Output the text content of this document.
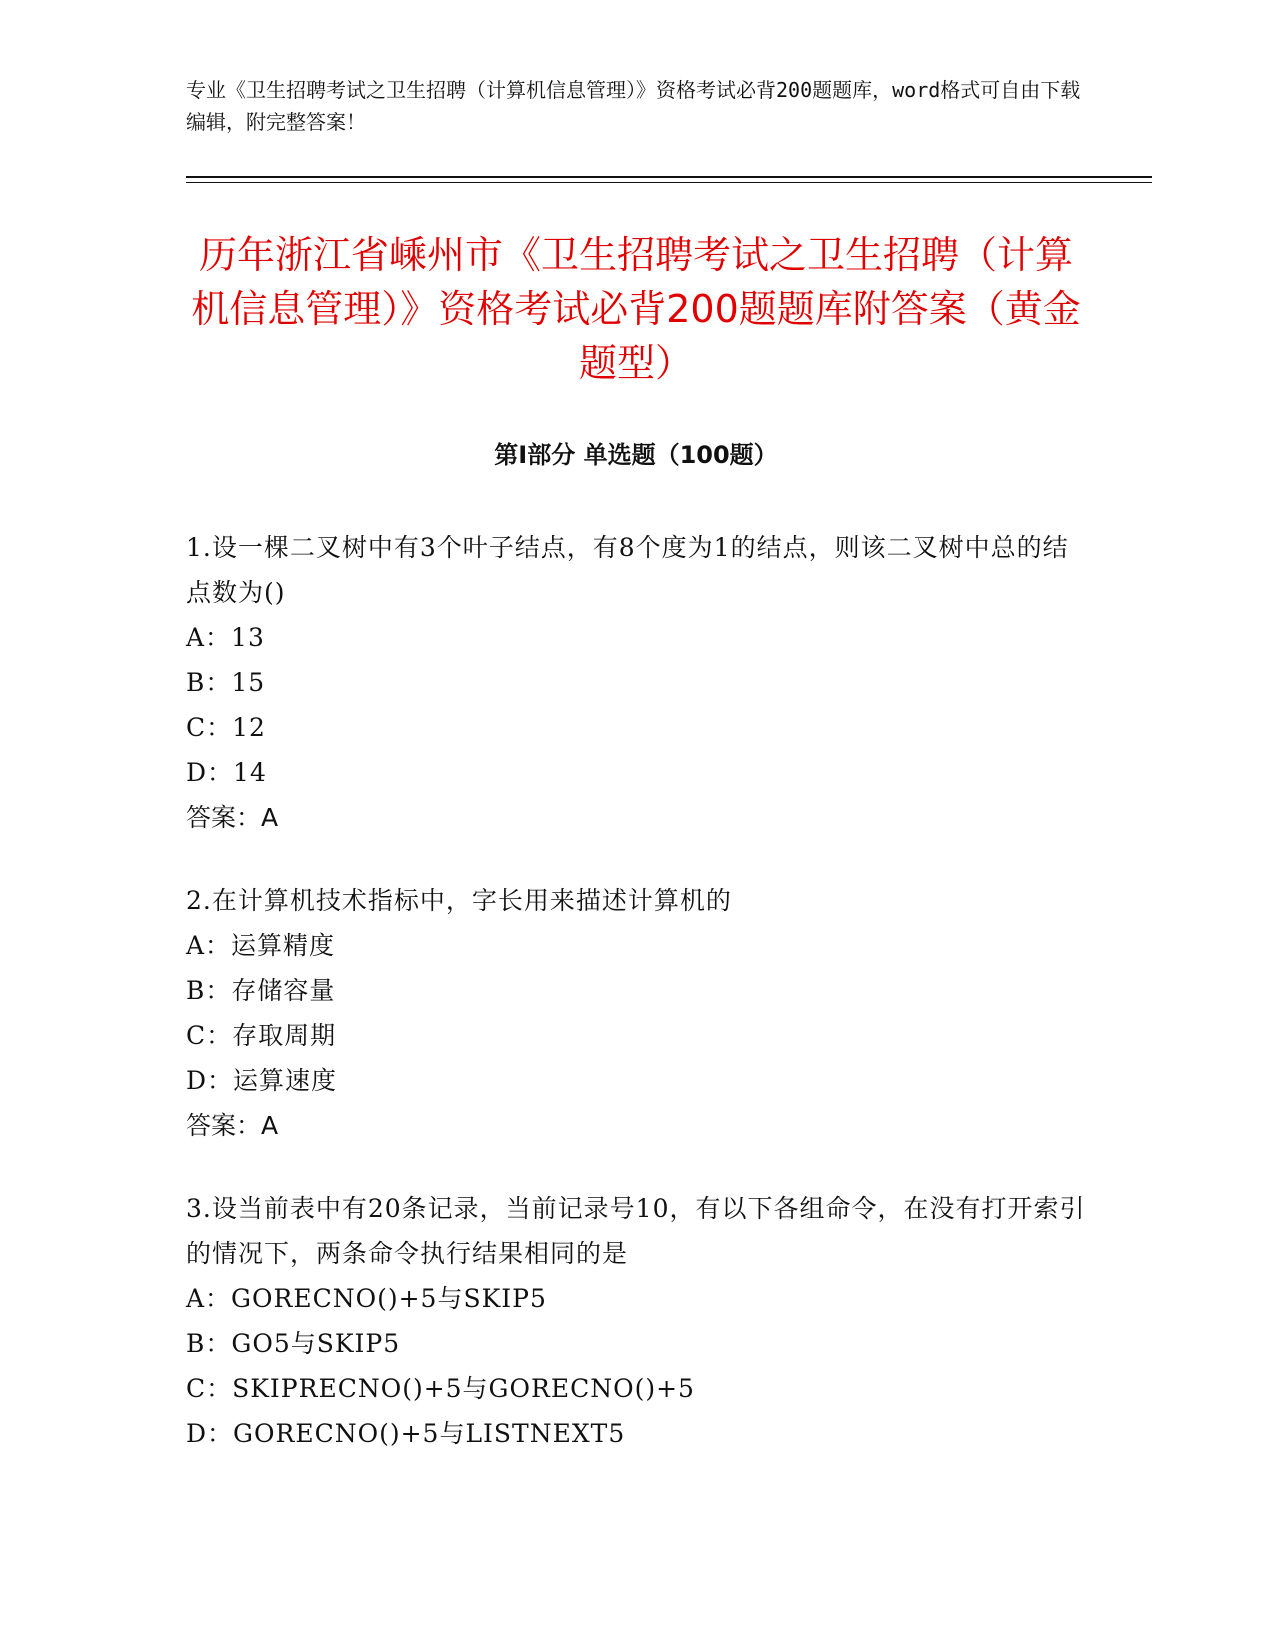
专业《卫生招聘考试之卫生招聘（计算机信息管理）》资格考试必背200题题库，word格式可自由下载编辑，附完整答案！
历年浙江省嵊州市《卫生招聘考试之卫生招聘（计算机信息管理）》资格考试必背200题题库附答案（黄金题型）
第I部分 单选题（100题）

1.设一棵二叉树中有3个叶子结点，有8个度为1的结点，则该二叉树中总的结点数为()

A：13

B：15

C：12

D：14

答案：A

2.在计算机技术指标中，字长用来描述计算机的

A：运算精度

B：存储容量

C：存取周期

D：运算速度

答案：A

3.设当前表中有20条记录，当前记录号10，有以下各组命令，在没有打开索引的情况下，两条命令执行结果相同的是

A：GORECNO()+5与SKIP5

B：GO5与SKIP5

C：SKIPRECNO()+5与GORECNO()+5

D：GORECNO()+5与LISTNEXT5
